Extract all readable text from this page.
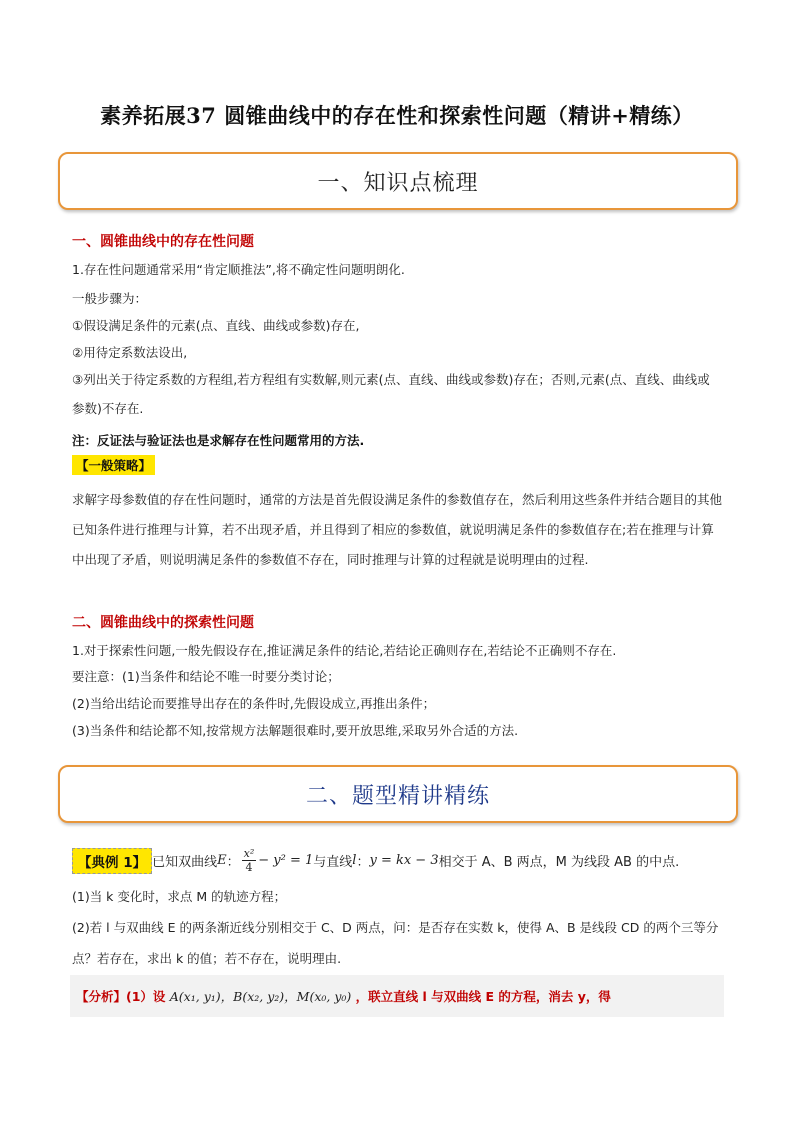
素养拓展37 圆锥曲线中的存在性和探索性问题（精讲+精练）
一、知识点梳理
一、圆锥曲线中的存在性问题
1.存在性问题通常采用“肯定顺推法”,将不确定性问题明朗化.
一般步骤为：
①假设满足条件的元素(点、直线、曲线或参数)存在,
②用待定系数法设出,
③列出关于待定系数的方程组,若方程组有实数解,则元素(点、直线、曲线或参数)存在；否则,元素(点、直线、曲线或参数)不存在.
注：反证法与验证法也是求解存在性问题常用的方法.
【一般策略】
求解字母参数值的存在性问题时，通常的方法是首先假设满足条件的参数值存在，然后利用这些条件并结合题目的其他已知条件进行推理与计算，若不出现矛盾，并且得到了相应的参数值，就说明满足条件的参数值存在;若在推理与计算中出现了矛盾，则说明满足条件的参数值不存在，同时推理与计算的过程就是说明理由的过程.
二、圆锥曲线中的探索性问题
1.对于探索性问题,一般先假设存在,推证满足条件的结论,若结论正确则存在,若结论不正确则不存在.
要注意：(1)当条件和结论不唯一时要分类讨论；
(2)当给出结论而要推导出存在的条件时,先假设成立,再推出条件；
(3)当条件和结论都不知,按常规方法解题很难时,要开放思维,采取另外合适的方法.
二、题型精讲精练
【典例 1】 已知双曲线 E ： $\frac{\text{x²}}{4} - y^2 = 1$ 与直线 l ： y = kx − 3 相交于 A、B 两点，M 为线段 AB 的中点.
(1)当 k 变化时，求点 M 的轨迹方程；
(2)若 l 与双曲线 E 的两条渐近线分别相交于 C、D 两点，问：是否存在实数 k，使得 A、B 是线段 CD 的两个三等分点？若存在，求出 k 的值；若不存在，说明理由.
【分析】(1）设 A(x₁, y₁)，B(x₂, y₂)，M(x₀, y₀) ，联立直线 l 与双曲线 E 的方程，消去 y，得
